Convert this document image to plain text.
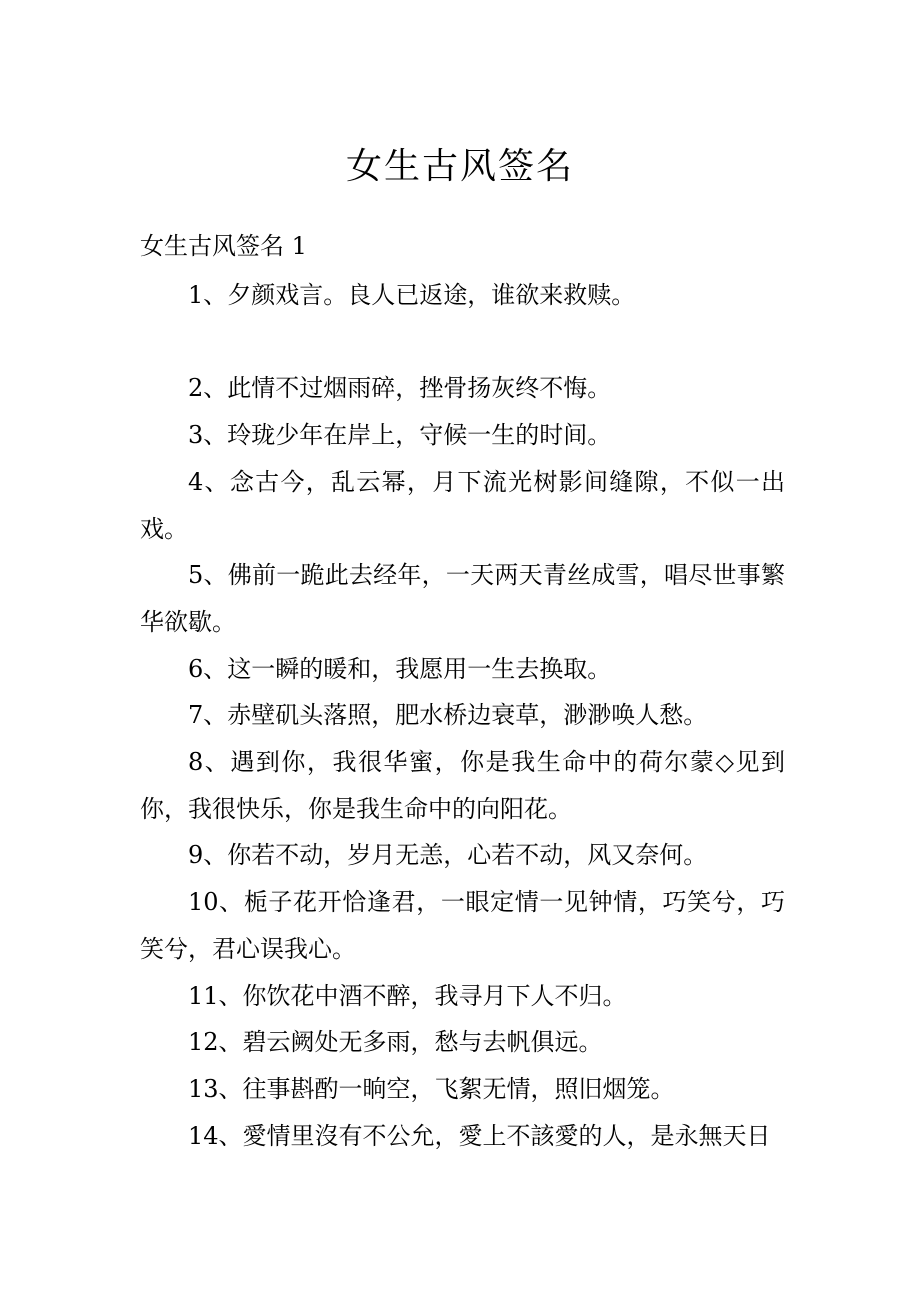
女生古风签名
女生古风签名 1

1、夕颜戏言。良人已返途，谁欲来救赎。

2、此情不过烟雨碎，挫骨扬灰终不悔。

3、玲珑少年在岸上，守候一生的时间。

4、念古今，乱云幂，月下流光树影间缝隙，不似一出戏。

5、佛前一跪此去经年，一天两天青丝成雪，唱尽世事繁华欲歇。

6、这一瞬的暖和，我愿用一生去换取。

7、赤壁矶头落照，肥水桥边衰草，渺渺唤人愁。

8、遇到你，我很华蜜，你是我生命中的荷尔蒙◇见到你，我很快乐，你是我生命中的向阳花。

9、你若不动，岁月无恙，心若不动，风又奈何。

10、栀子花开恰逢君，一眼定情一见钟情，巧笑兮，巧笑兮，君心误我心。

11、你饮花中酒不醉，我寻月下人不归。

12、碧云阙处无多雨，愁与去帆俱远。

13、往事斟酌一晌空，飞絮无情，照旧烟笼。

14、愛情里沒有不公允，愛上不該愛的人，是永無天日
